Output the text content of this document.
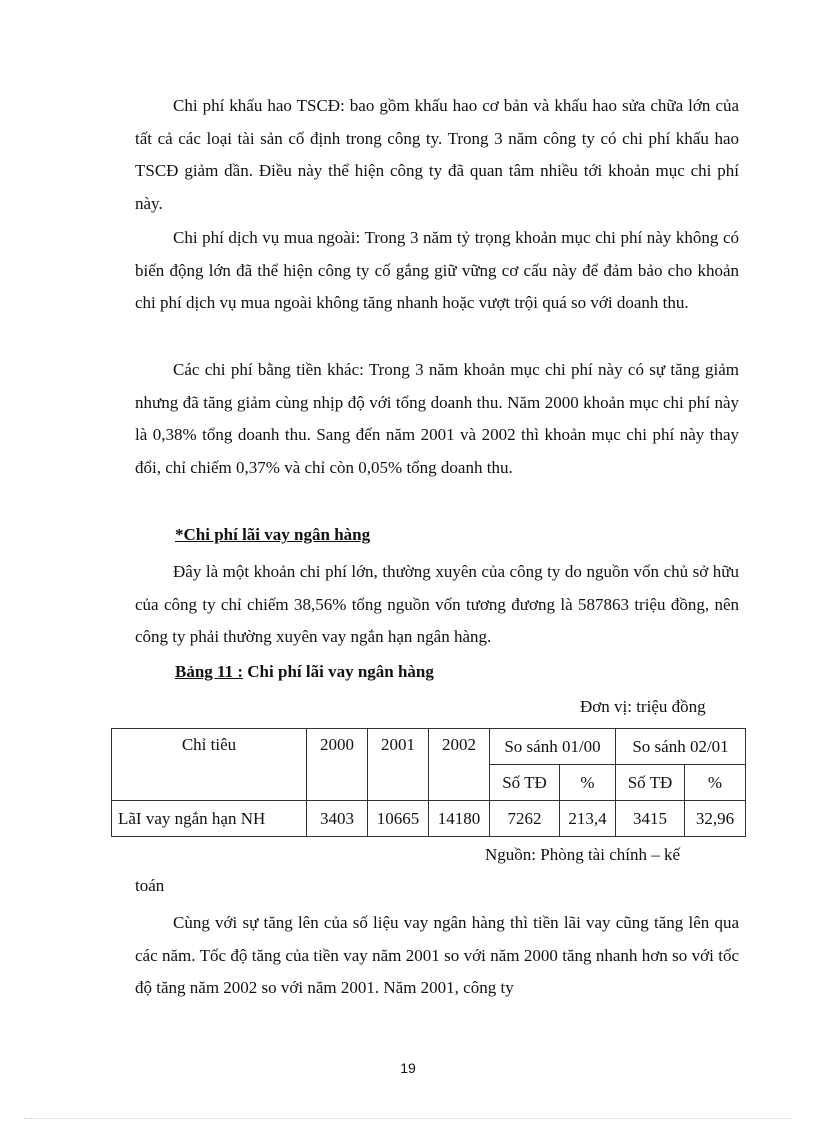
Chi phí khấu hao TSCĐ: bao gồm khấu hao cơ bản và khấu hao sửa chữa lớn của tất cả các loại tài sản cố định trong công ty. Trong 3 năm công ty có chi phí khấu hao TSCĐ giảm dần. Điều này thể hiện công ty đã quan tâm nhiều tới khoản mục chi phí này.

Chi phí dịch vụ mua ngoài: Trong 3 năm tỷ trọng khoản mục chi phí này không có biến động lớn đã thể hiện công ty cố gắng giữ vững cơ cấu này để đảm bảo cho khoản chi phí dịch vụ mua ngoài không tăng nhanh hoặc vượt trội quá so với doanh thu.

Các chi phí bằng tiền khác: Trong 3 năm khoản mục chi phí này có sự tăng giảm nhưng đã tăng giảm cùng nhịp độ với tổng doanh thu. Năm 2000 khoản mục chi phí này là 0,38% tổng doanh thu. Sang đến năm 2001 và 2002 thì khoản mục chi phí này thay đổi, chỉ chiếm 0,37% và chỉ còn 0,05% tổng doanh thu.

*Chi phí lãi vay ngân hàng

Đây là một khoản chi phí lớn, thường xuyên của công ty do nguồn vốn chủ sở hữu của công ty chỉ chiếm 38,56% tổng nguồn vốn tương đương là 587863 triệu đồng, nên công ty phải thường xuyên vay ngắn hạn ngân hàng.

Bảng 11 : Chi phí lãi vay ngân hàng
Đơn vị: triệu đồng
Chỉ tiêu	2000	2001	2002	So sánh 01/00		So sánh 02/01	
				Số TĐ	%	Số TĐ	%
LãI vay ngắn hạn NH	3403	10665	14180	7262	213,4	3415	32,96
Nguồn: Phòng tài chính – kế
toán

Cùng với sự tăng lên của số liệu vay ngân hàng thì tiền lãi vay cũng tăng lên qua các năm. Tốc độ tăng của tiền vay năm 2001 so với năm 2000 tăng nhanh hơn so với tốc độ tăng năm 2002 so với năm 2001. Năm 2001, công ty

19
